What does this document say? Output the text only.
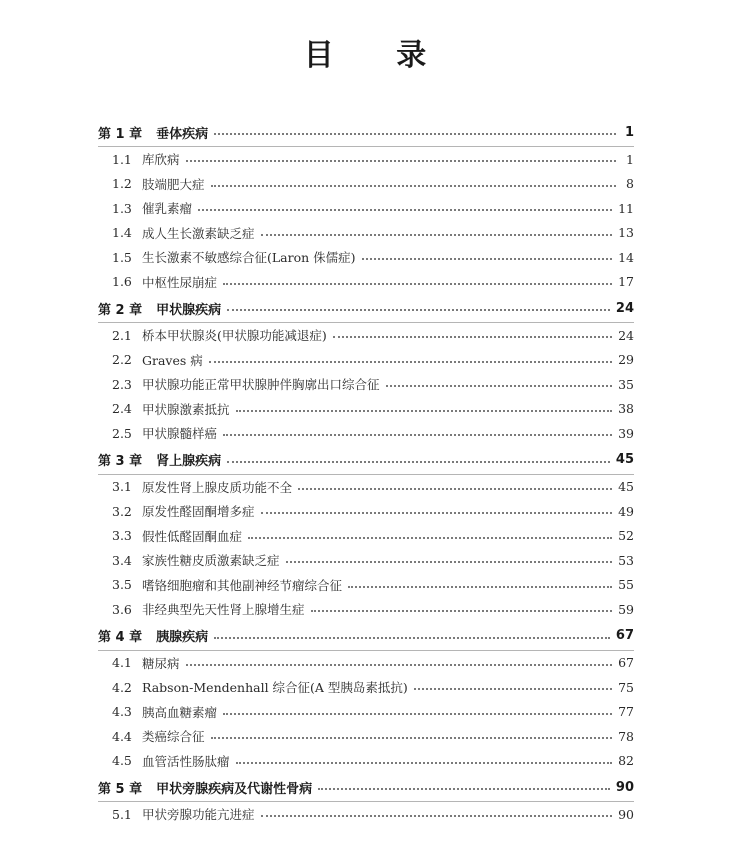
目 录
第 1 章 垂体疾病	1
1.1 库欣病	1
1.2 肢端肥大症	8
1.3 催乳素瘤	11
1.4 成人生长激素缺乏症	13
1.5 生长激素不敏感综合征(Laron 侏儒症)	14
1.6 中枢性尿崩症	17
第 2 章 甲状腺疾病	24
2.1 桥本甲状腺炎(甲状腺功能减退症)	24
2.2 Graves 病	29
2.3 甲状腺功能正常甲状腺肿伴胸廓出口综合征	35
2.4 甲状腺激素抵抗	38
2.5 甲状腺髓样癌	39
第 3 章 肾上腺疾病	45
3.1 原发性肾上腺皮质功能不全	45
3.2 原发性醛固酮增多症	49
3.3 假性低醛固酮血症	52
3.4 家族性糖皮质激素缺乏症	53
3.5 嗜铬细胞瘤和其他副神经节瘤综合征	55
3.6 非经典型先天性肾上腺增生症	59
第 4 章 胰腺疾病	67
4.1 糖尿病	67
4.2 Rabson-Mendenhall 综合征(A 型胰岛素抵抗)	75
4.3 胰高血糖素瘤	77
4.4 类癌综合征	78
4.5 血管活性肠肽瘤	82
第 5 章 甲状旁腺疾病及代谢性骨病	90
5.1 甲状旁腺功能亢进症	90
